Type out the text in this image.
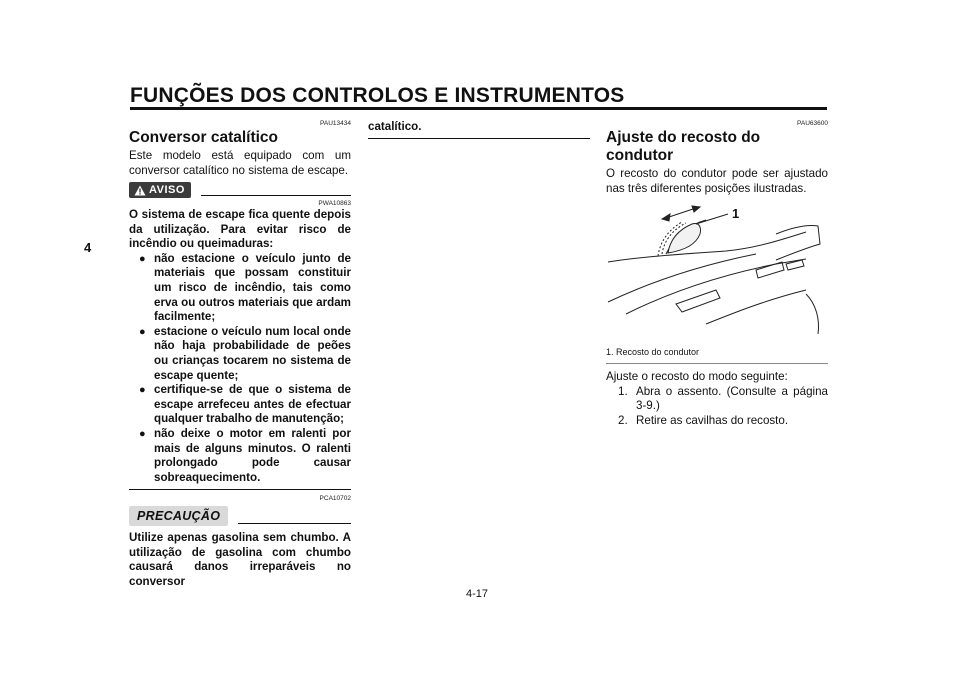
FUNÇÕES DOS CONTROLOS E INSTRUMENTOS
4
PAU13434
Conversor catalítico

Este modelo está equipado com um conversor catalítico no sistema de escape.

AVISO
PWA10863

O sistema de escape fica quente depois da utilização. Para evitar risco de incêndio ou queimaduras:

● não estacione o veículo junto de materiais que possam constituir um risco de incêndio, tais como erva ou outros materiais que ardam facilmente;
● estacione o veículo num local onde não haja probabilidade de peões ou crianças tocarem no sistema de escape quente;
● certifique-se de que o sistema de escape arrefeceu antes de efectuar qualquer trabalho de manutenção;
● não deixe o motor em ralenti por mais de alguns minutos. O ralenti prolongado pode causar sobreaquecimento.
PCA10702
PRECAUÇÃO

Utilize apenas gasolina sem chumbo. A utilização de gasolina com chumbo causará danos irreparáveis no conversor

catalítico.	PAU63600
Ajuste do recosto do condutor

O recosto do condutor pode ser ajustado nas três diferentes posições ilustradas.

1
1. Recosto do condutor

Ajuste o recosto do modo seguinte:

1. Abra o assento. (Consulte a página 3-9.)
2. Retire as cavilhas do recosto.
4-17
